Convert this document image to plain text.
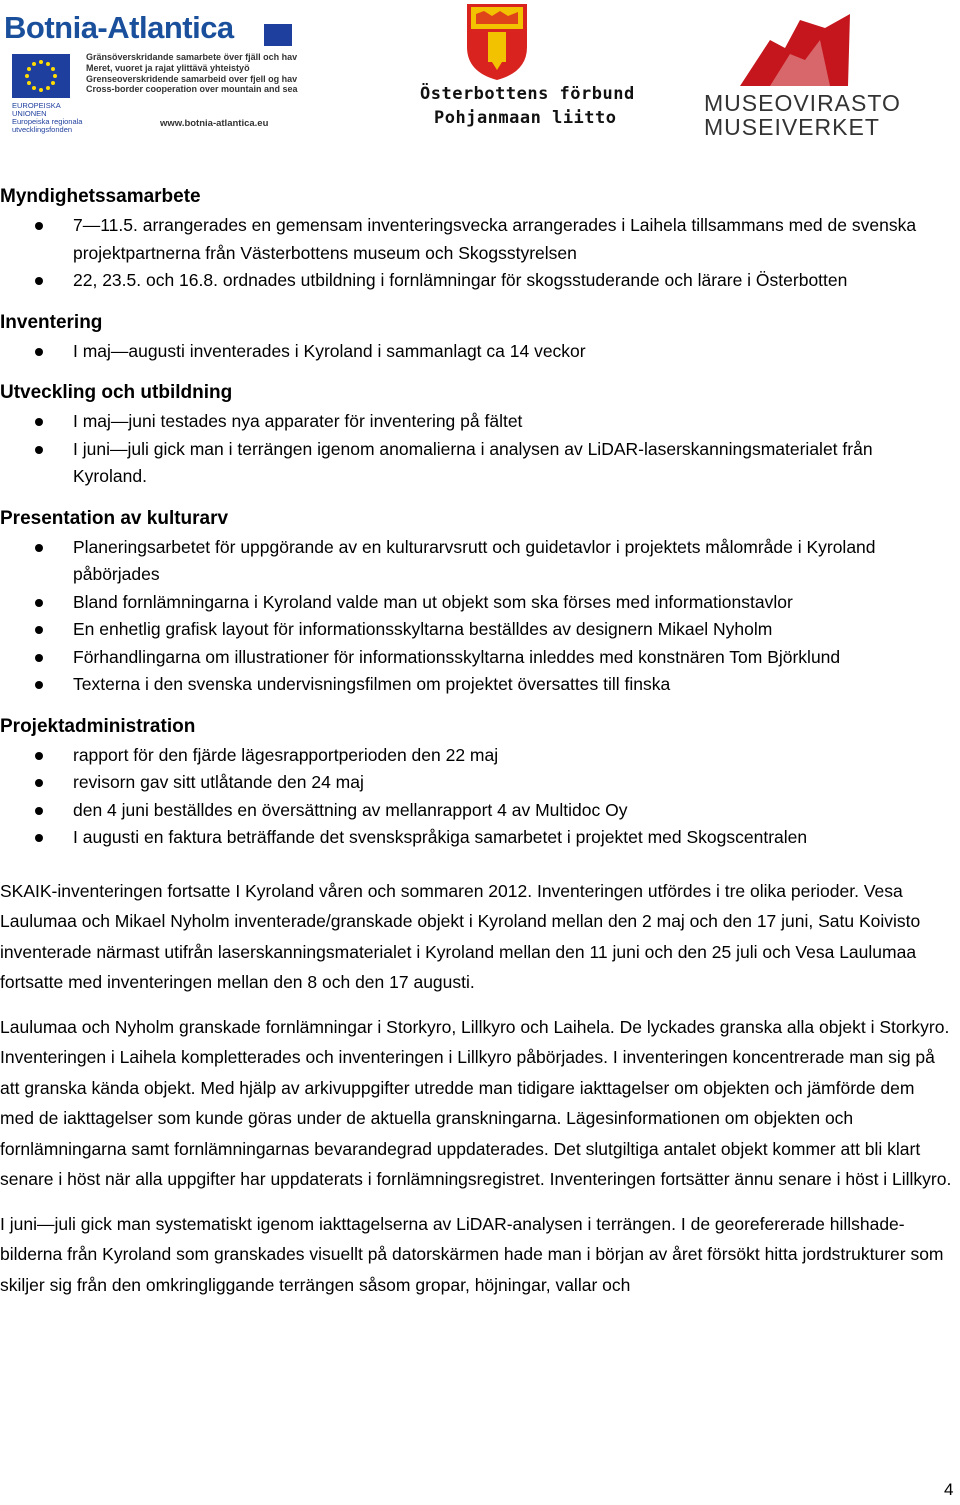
Botnia-Atlantica
EUROPEISKA UNIONEN
Europeiska regionala
utvecklingsfonden
Gränsöverskridande samarbete över fjäll och hav
Meret, vuoret ja rajat ylittävä yhteistyö
Grenseoverskridende samarbeid over fjell og hav
Cross-border cooperation over mountain and sea
www.botnia-atlantica.eu
Österbottens förbund
Pohjanmaan liitto
MUSEOVIRASTO
MUSEIVERKET
Myndighetssamarbete
7—11.5. arrangerades en gemensam inventeringsvecka arrangerades i Laihela tillsammans med de svenska projektpartnerna från Västerbottens museum och Skogsstyrelsen
22, 23.5. och 16.8. ordnades utbildning i fornlämningar för skogsstuderande och lärare i Österbotten
Inventering
I maj—augusti inventerades i Kyroland i sammanlagt ca 14 veckor
Utveckling och utbildning
I maj—juni testades nya apparater för inventering på fältet
I juni—juli gick man i terrängen igenom anomalierna i analysen av LiDAR-laserskanningsmaterialet från Kyroland.
Presentation av kulturarv
Planeringsarbetet för uppgörande av en kulturarvsrutt och guidetavlor i projektets målområde i Kyroland påbörjades
Bland fornlämningarna i Kyroland valde man ut objekt som ska förses med informationstavlor
En enhetlig grafisk layout för informationsskyltarna beställdes av designern Mikael Nyholm
Förhandlingarna om illustrationer för informationsskyltarna inleddes med konstnären Tom Björklund
Texterna i den svenska undervisningsfilmen om projektet översattes till finska
Projektadministration
rapport för den fjärde lägesrapportperioden den 22 maj
revisorn gav sitt utlåtande den 24 maj
den 4 juni beställdes en översättning av mellanrapport 4 av Multidoc Oy
I augusti en faktura beträffande det svenskspråkiga samarbetet i projektet med Skogscentralen

SKAIK-inventeringen fortsatte I Kyroland våren och sommaren 2012. Inventeringen utfördes i tre olika perioder. Vesa Laulumaa och Mikael Nyholm inventerade/granskade objekt i Kyroland mellan den 2 maj och den 17 juni, Satu Koivisto inventerade närmast utifrån laserskanningsmaterialet i Kyroland mellan den 11 juni och den 25 juli och Vesa Laulumaa fortsatte med inventeringen mellan den 8 och den 17 augusti.

Laulumaa och Nyholm granskade fornlämningar i Storkyro, Lillkyro och Laihela. De lyckades granska alla objekt i Storkyro. Inventeringen i Laihela kompletterades och inventeringen i Lillkyro påbörjades. I inventeringen koncentrerade man sig på att granska kända objekt. Med hjälp av arkivuppgifter utredde man tidigare iakttagelser om objekten och jämförde dem med de iakttagelser som kunde göras under de aktuella granskningarna. Lägesinformationen om objekten och fornlämningarna samt fornlämningarnas bevarandegrad uppdaterades. Det slutgiltiga antalet objekt kommer att bli klart senare i höst när alla uppgifter har uppdaterats i fornlämningsregistret. Inventeringen fortsätter ännu senare i höst i Lillkyro.

I juni—juli gick man systematiskt igenom iakttagelserna av LiDAR-analysen i terrängen. I de georefererade hillshade-bilderna från Kyroland som granskades visuellt på datorskärmen hade man i början av året försökt hitta jordstrukturer som skiljer sig från den omkringliggande terrängen såsom gropar, höjningar, vallar och

4
